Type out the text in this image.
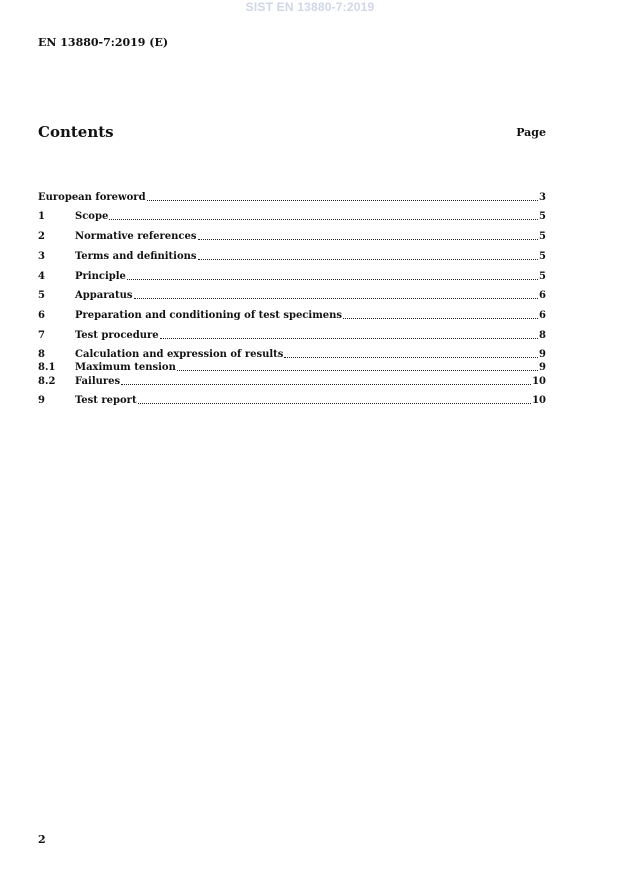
SIST EN 13880-7:2019
EN 13880-7:2019 (E)
Contents	Page
European foreword	3
1	Scope	5
2	Normative references	5
3	Terms and definitions	5
4	Principle	5
5	Apparatus	6
6	Preparation and conditioning of test specimens	6
7	Test procedure	8
8	Calculation and expression of results	9
8.1	Maximum tension	9
8.2	Failures	10
9	Test report	10
2
